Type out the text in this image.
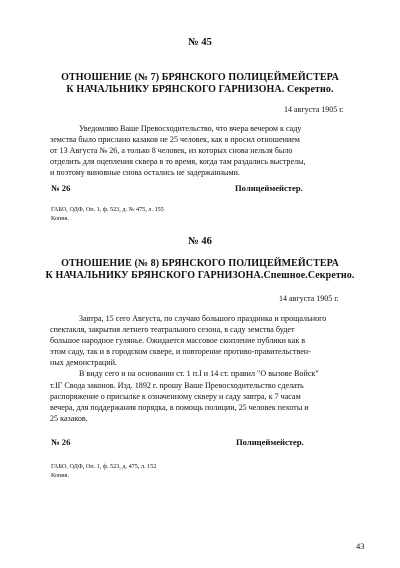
№ 45
ОТНОШЕНИЕ (№ 7) БРЯНСКОГО ПОЛИЦЕЙМЕЙСТЕРА
К НАЧАЛЬНИКУ БРЯНСКОГО ГАРНИЗОНА. Секретно.
14 августа 1905 г.
Уведомляю Ваше Превосходительство, что вчера вечером к саду
земства было прислано казаков не 25 человек, как я просил отношением
от 13 Августа № 26, а только 8 человек, из которых снова нельзя было
отделить для оцепления сквера в то время, когда там раздались выстрелы,
и поэтому виновные снова остались не задержанными.
№ 26	Полицеймейстер.
ГАБО, ОДФ, Оп. 1, ф. 523, д. № 475, л. 155
Копия.
№ 46
ОТНОШЕНИЕ (№ 8) БРЯНСКОГО ПОЛИЦЕЙМЕЙСТЕРА
К НАЧАЛЬНИКУ БРЯНСКОГО ГАРНИЗОНА.Спешное.Секретно.
14 августа 1905 г.
Завтра, 15 сего Августа, по случаю большого праздника и прощального
спектакля, закрытия летнего театрального сезона, в саду земства будет
большое народное гулянье. Ожидается массовое скопление публики как в
этом саду, так и в городском сквере, и повторение противо-правительствен-
ных демонстраций.
В виду сего и на основании ст. 1 п.I и 14 ст. правил "О вызове Войск"
т.IГ Свода законов. Изд. 1892 г. прошу Ваше Превосходительство сделать
распоряжение о присылке к означенному скверу и саду завтра, к 7 часам
вечера, для поддержания порядка, в помощь полиции, 25 человек пехоты и
25 казаков.
№ 26	Полицеймейстер.
ГАБО, ОДФ, Оп. 1, ф. 523, д. 475, л. 152
Копия.
43
